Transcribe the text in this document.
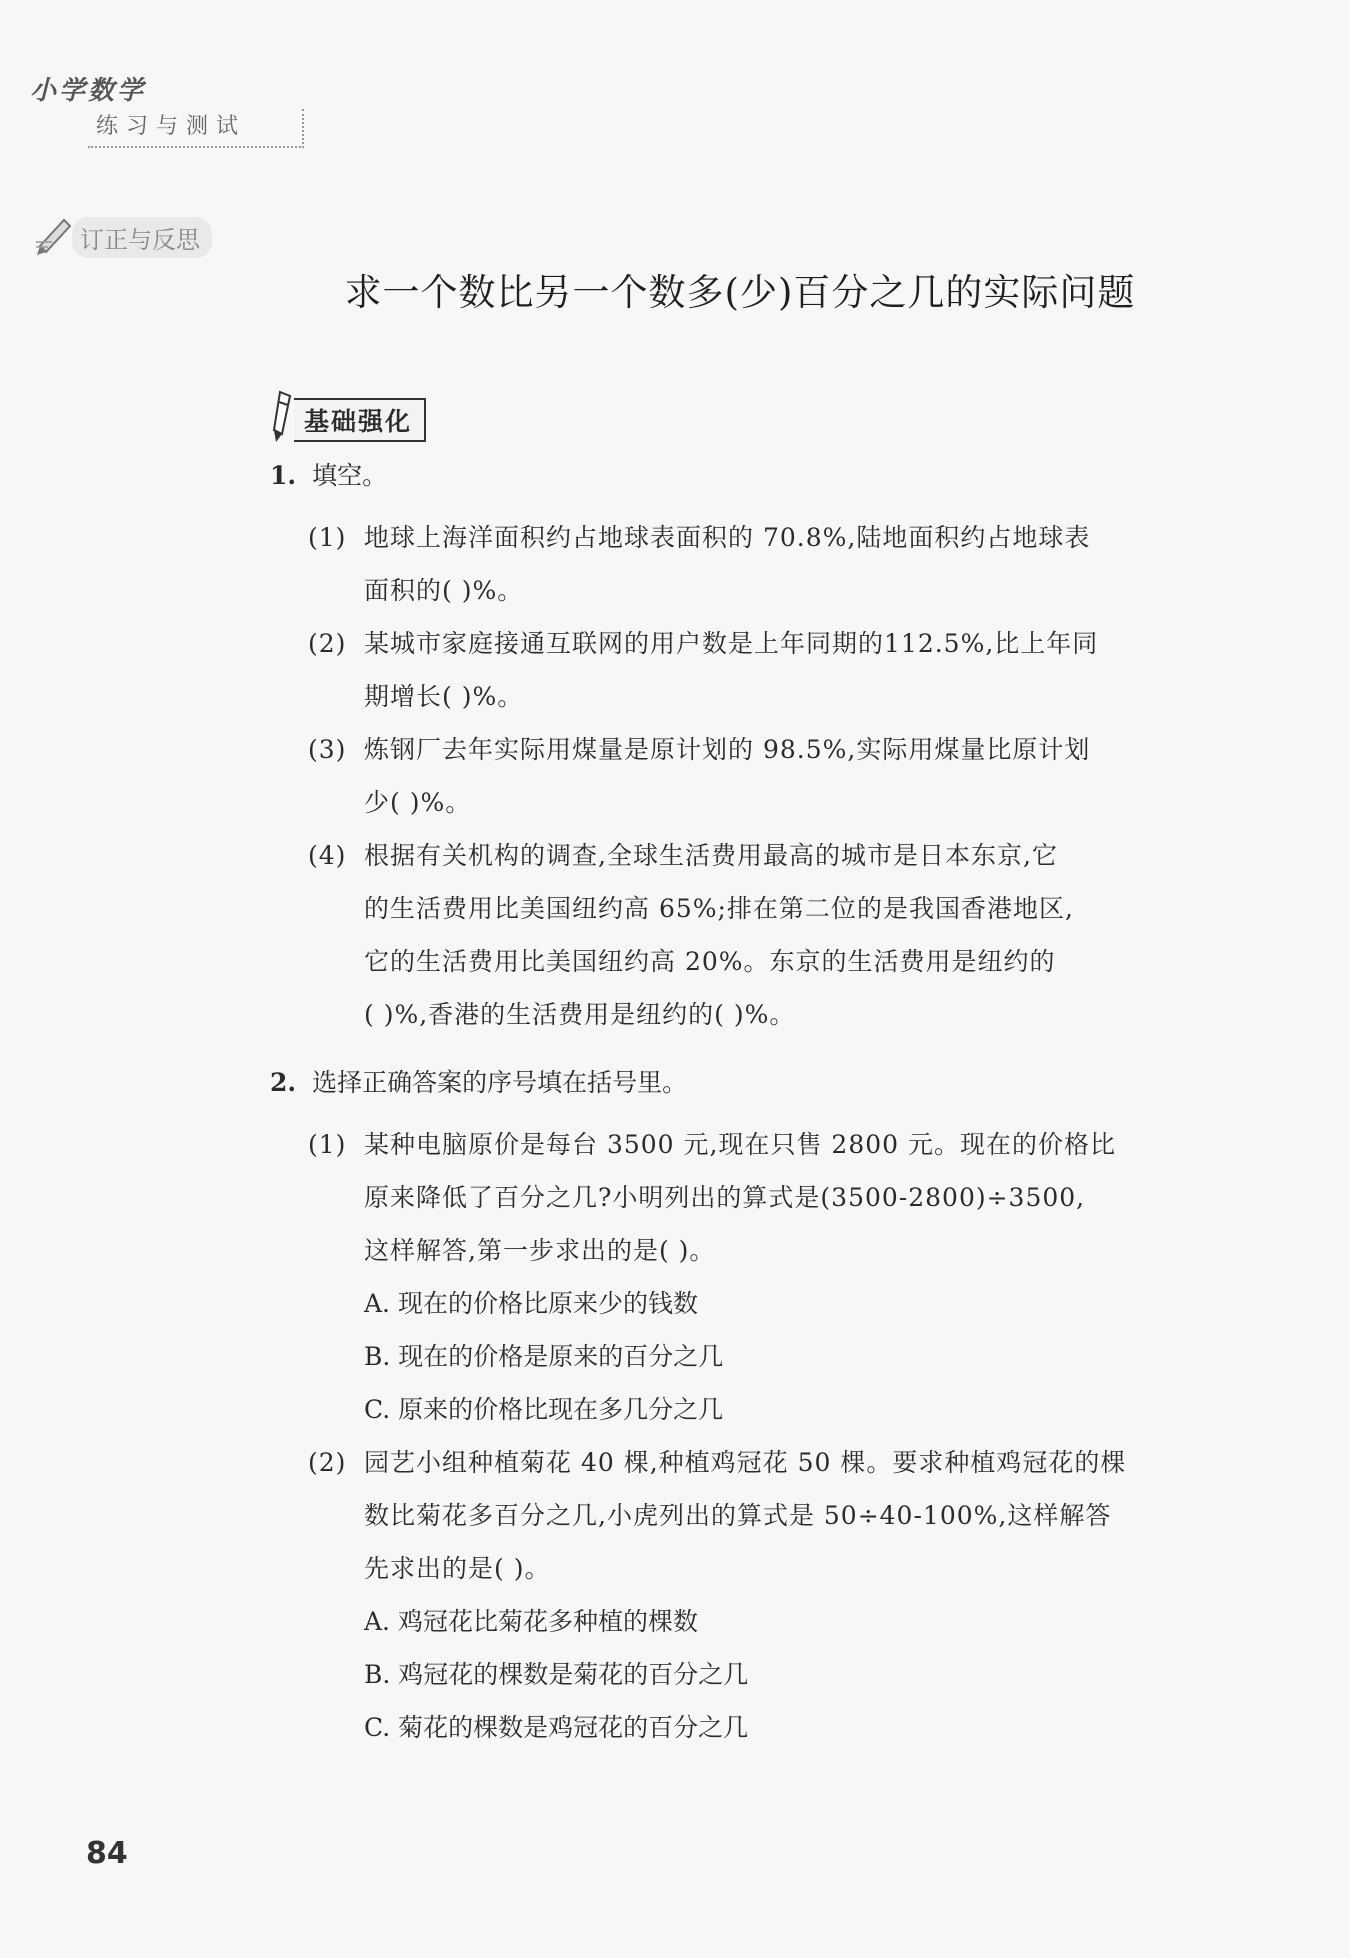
小学数学
练习与测试
订正与反思
求一个数比另一个数多(少)百分之几的实际问题
基础强化
1. 填空。
(1) 地球上海洋面积约占地球表面积的 70.8%,陆地面积约占地球表
面积的( )%。
(2) 某城市家庭接通互联网的用户数是上年同期的112.5%,比上年同
期增长( )%。
(3) 炼钢厂去年实际用煤量是原计划的 98.5%,实际用煤量比原计划
少( )%。
(4) 根据有关机构的调查,全球生活费用最高的城市是日本东京,它
的生活费用比美国纽约高 65%;排在第二位的是我国香港地区,
它的生活费用比美国纽约高 20%。东京的生活费用是纽约的
( )%,香港的生活费用是纽约的( )%。
2. 选择正确答案的序号填在括号里。
(1) 某种电脑原价是每台 3500 元,现在只售 2800 元。现在的价格比
原来降低了百分之几?小明列出的算式是(3500-2800)÷3500,
这样解答,第一步求出的是( )。
A. 现在的价格比原来少的钱数
B. 现在的价格是原来的百分之几
C. 原来的价格比现在多几分之几
(2) 园艺小组种植菊花 40 棵,种植鸡冠花 50 棵。要求种植鸡冠花的棵
数比菊花多百分之几,小虎列出的算式是 50÷40-100%,这样解答
先求出的是( )。
A. 鸡冠花比菊花多种植的棵数
B. 鸡冠花的棵数是菊花的百分之几
C. 菊花的棵数是鸡冠花的百分之几
84
